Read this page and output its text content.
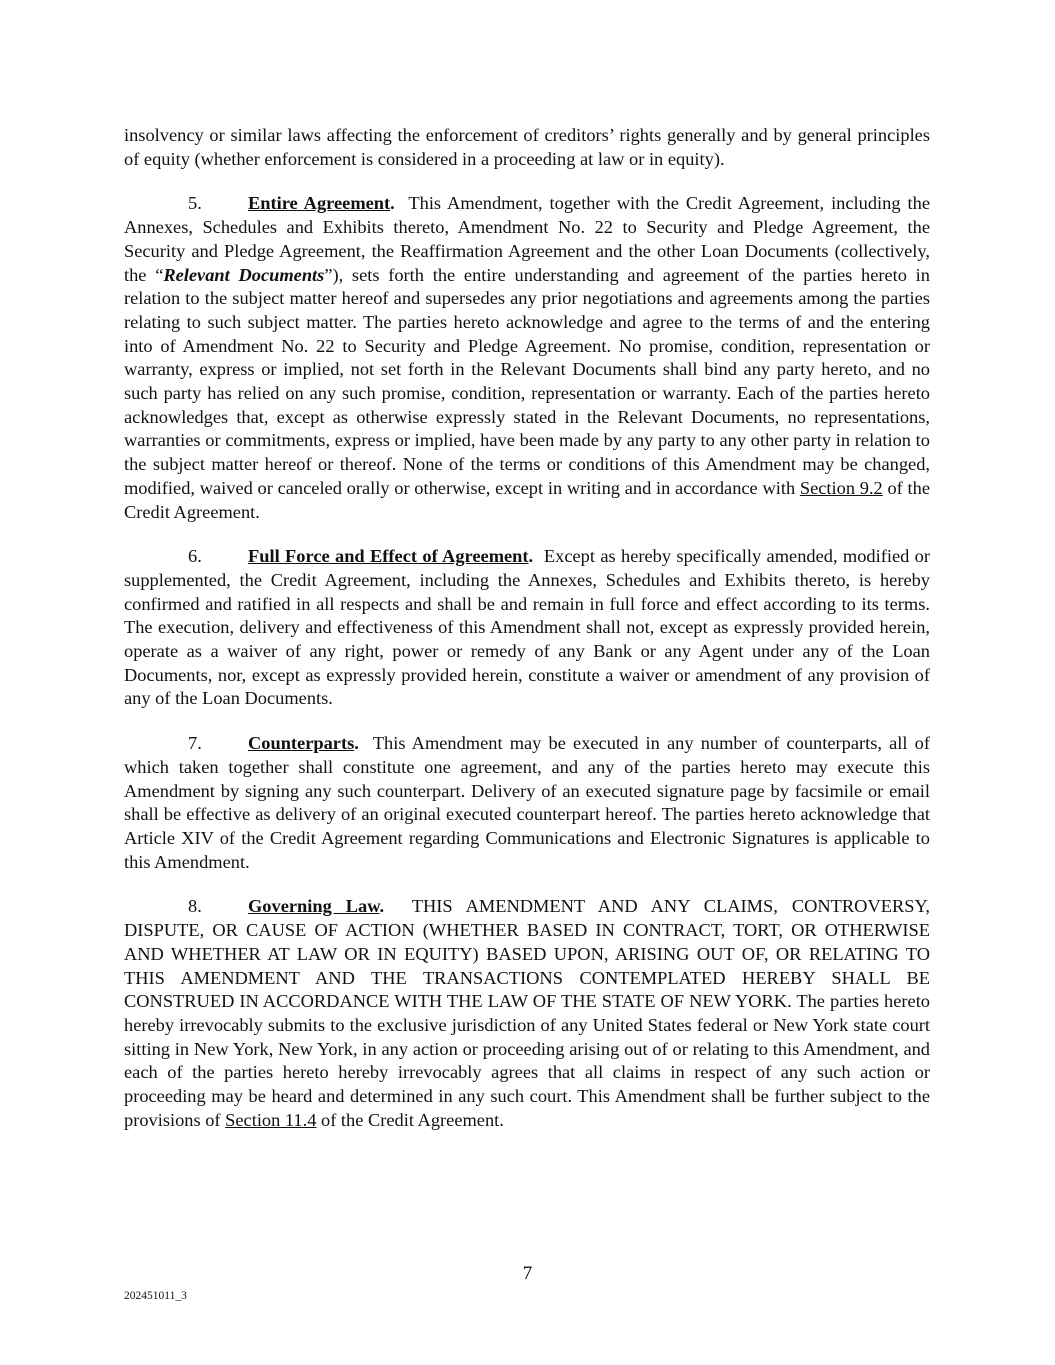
insolvency or similar laws affecting the enforcement of creditors’ rights generally and by general principles of equity (whether enforcement is considered in a proceeding at law or in equity).

5.	Entire Agreement. This Amendment, together with the Credit Agreement, including the Annexes, Schedules and Exhibits thereto, Amendment No. 22 to Security and Pledge Agreement, the Security and Pledge Agreement, the Reaffirmation Agreement and the other Loan Documents (collectively, the “Relevant Documents”), sets forth the entire understanding and agreement of the parties hereto in relation to the subject matter hereof and supersedes any prior negotiations and agreements among the parties relating to such subject matter. The parties hereto acknowledge and agree to the terms of and the entering into of Amendment No. 22 to Security and Pledge Agreement. No promise, condition, representation or warranty, express or implied, not set forth in the Relevant Documents shall bind any party hereto, and no such party has relied on any such promise, condition, representation or warranty. Each of the parties hereto acknowledges that, except as otherwise expressly stated in the Relevant Documents, no representations, warranties or commitments, express or implied, have been made by any party to any other party in relation to the subject matter hereof or thereof. None of the terms or conditions of this Amendment may be changed, modified, waived or canceled orally or otherwise, except in writing and in accordance with Section 9.2 of the Credit Agreement.

6.	Full Force and Effect of Agreement. Except as hereby specifically amended, modified or supplemented, the Credit Agreement, including the Annexes, Schedules and Exhibits thereto, is hereby confirmed and ratified in all respects and shall be and remain in full force and effect according to its terms. The execution, delivery and effectiveness of this Amendment shall not, except as expressly provided herein, operate as a waiver of any right, power or remedy of any Bank or any Agent under any of the Loan Documents, nor, except as expressly provided herein, constitute a waiver or amendment of any provision of any of the Loan Documents.

7.	Counterparts. This Amendment may be executed in any number of counterparts, all of which taken together shall constitute one agreement, and any of the parties hereto may execute this Amendment by signing any such counterpart. Delivery of an executed signature page by facsimile or email shall be effective as delivery of an original executed counterpart hereof. The parties hereto acknowledge that Article XIV of the Credit Agreement regarding Communications and Electronic Signatures is applicable to this Amendment.

8.	Governing Law. THIS AMENDMENT AND ANY CLAIMS, CONTROVERSY, DISPUTE, OR CAUSE OF ACTION (WHETHER BASED IN CONTRACT, TORT, OR OTHERWISE AND WHETHER AT LAW OR IN EQUITY) BASED UPON, ARISING OUT OF, OR RELATING TO THIS AMENDMENT AND THE TRANSACTIONS CONTEMPLATED HEREBY SHALL BE CONSTRUED IN ACCORDANCE WITH THE LAW OF THE STATE OF NEW YORK. The parties hereto hereby irrevocably submits to the exclusive jurisdiction of any United States federal or New York state court sitting in New York, New York, in any action or proceeding arising out of or relating to this Amendment, and each of the parties hereto hereby irrevocably agrees that all claims in respect of any such action or proceeding may be heard and determined in any such court. This Amendment shall be further subject to the provisions of Section 11.4 of the Credit Agreement.

7
202451011_3
